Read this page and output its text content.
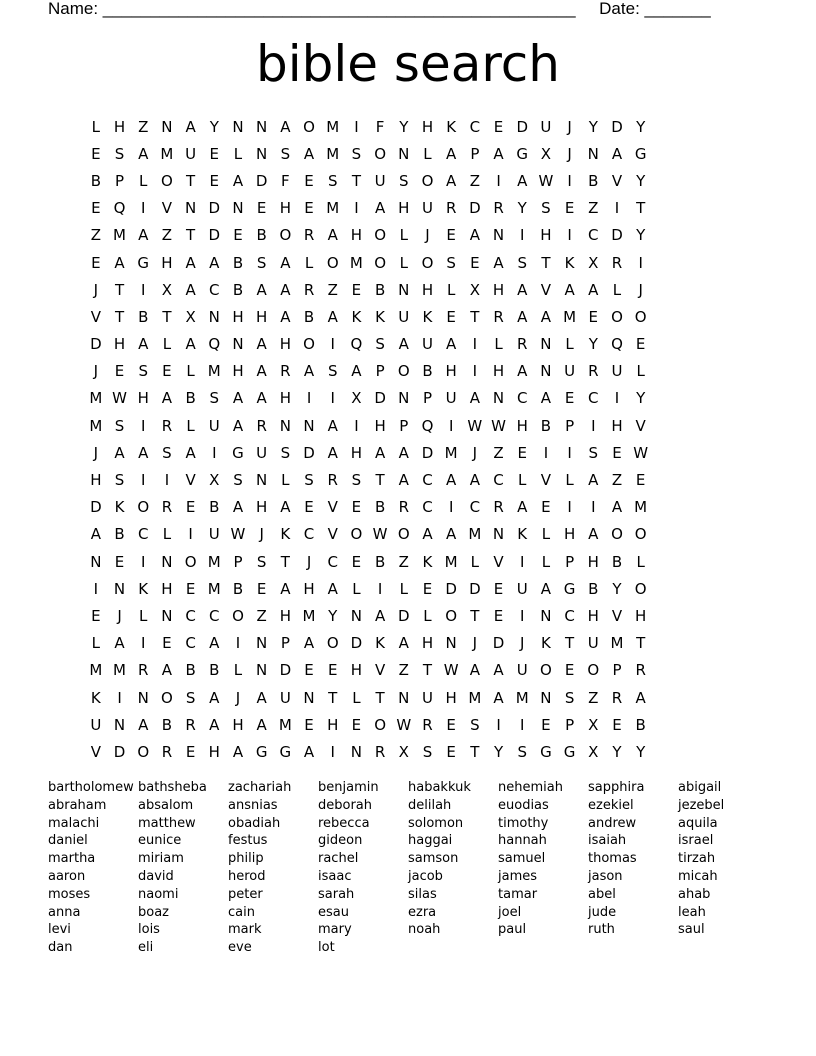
Name: __________________________________________________ Date: _______
bible search
L H Z N A Y N N A O M	I	F Y H K C E D U	J	Y D Y
E S A M U E L N S A M S O N L A P A G X	J	N A G
B P L O T E A D F E S T U S O A Z	I	A W I	B V Y
E Q	I	V N D N E H E M	I	A H U R D R Y S E Z	I	T
Z M A Z T D E B O R A H O L	J	E A N	I	H	I	C D Y
E A G H A A B S A L O M O L O S E A S T K X R	I
J	T	I	X A C B A A R Z E B N H L X H A V A A L	J
V T B T X N H H A B A K K U K E T R A A M E O O
D H A L A Q N A H O	I	Q S A U A	I	L R N L Y Q E
J	E S E L M H A R A S A P O B H	I	H A N U R U L
M W H A B S A A H	I	I	X D N P U A N C A E C	I	Y
M S	I	R L U A R N N A	I	H P Q	I W W H B P	I	H V
J	A A S A	I	G U S D A H A A D M	J	Z E	I	I	S E W
H S	I	I	V X S N L S R S T A C A A C L V L A Z E
D K O R E B A H A E V E B R C	I	C R A E	I	I	A M
A B C L	I	U W J	K C V O W O A A M N K L H A O O
N E	I	N O M P S T	J	C E B Z K M L V	I	L P H B L
I	N K H E M B E A H A L	I	L E D D E U A G B Y O
E	J	L N C C O Z H M Y N A D L O T E	I	N C H V H
L A	I	E C A	I	N P A O D K A H N	J	D	J	K T U M T
M M R A B B L N D E E H V Z T W A A U O E O P R
K	I	N O S A	J	A U N T L T N U H M A M N S Z R A
U N A B R A H A M E H E O W R E S	I	I	E P X E B
V D O R E H A G G A	I	N R X S E T Y S G G X Y Y
bartholomew bathsheba	zachariah	benjamin	habakkuk	nehemiah	sapphira	abigail
abraham	absalom	ansnias	deborah	delilah	euodias	ezekiel	jezebel
malachi	matthew	obadiah	rebecca	solomon	timothy	andrew	aquila
daniel	eunice	festus	gideon	haggai	hannah	isaiah	israel
martha	miriam	philip	rachel	samson	samuel	thomas	tirzah
aaron	david	herod	isaac	jacob	james	jason	micah
moses	naomi	peter	sarah	silas	tamar	abel	ahab
anna	boaz	cain	esau	ezra	joel	jude	leah
levi	lois	mark	mary	noah	paul	ruth	saul
dan	eli	eve	lot
